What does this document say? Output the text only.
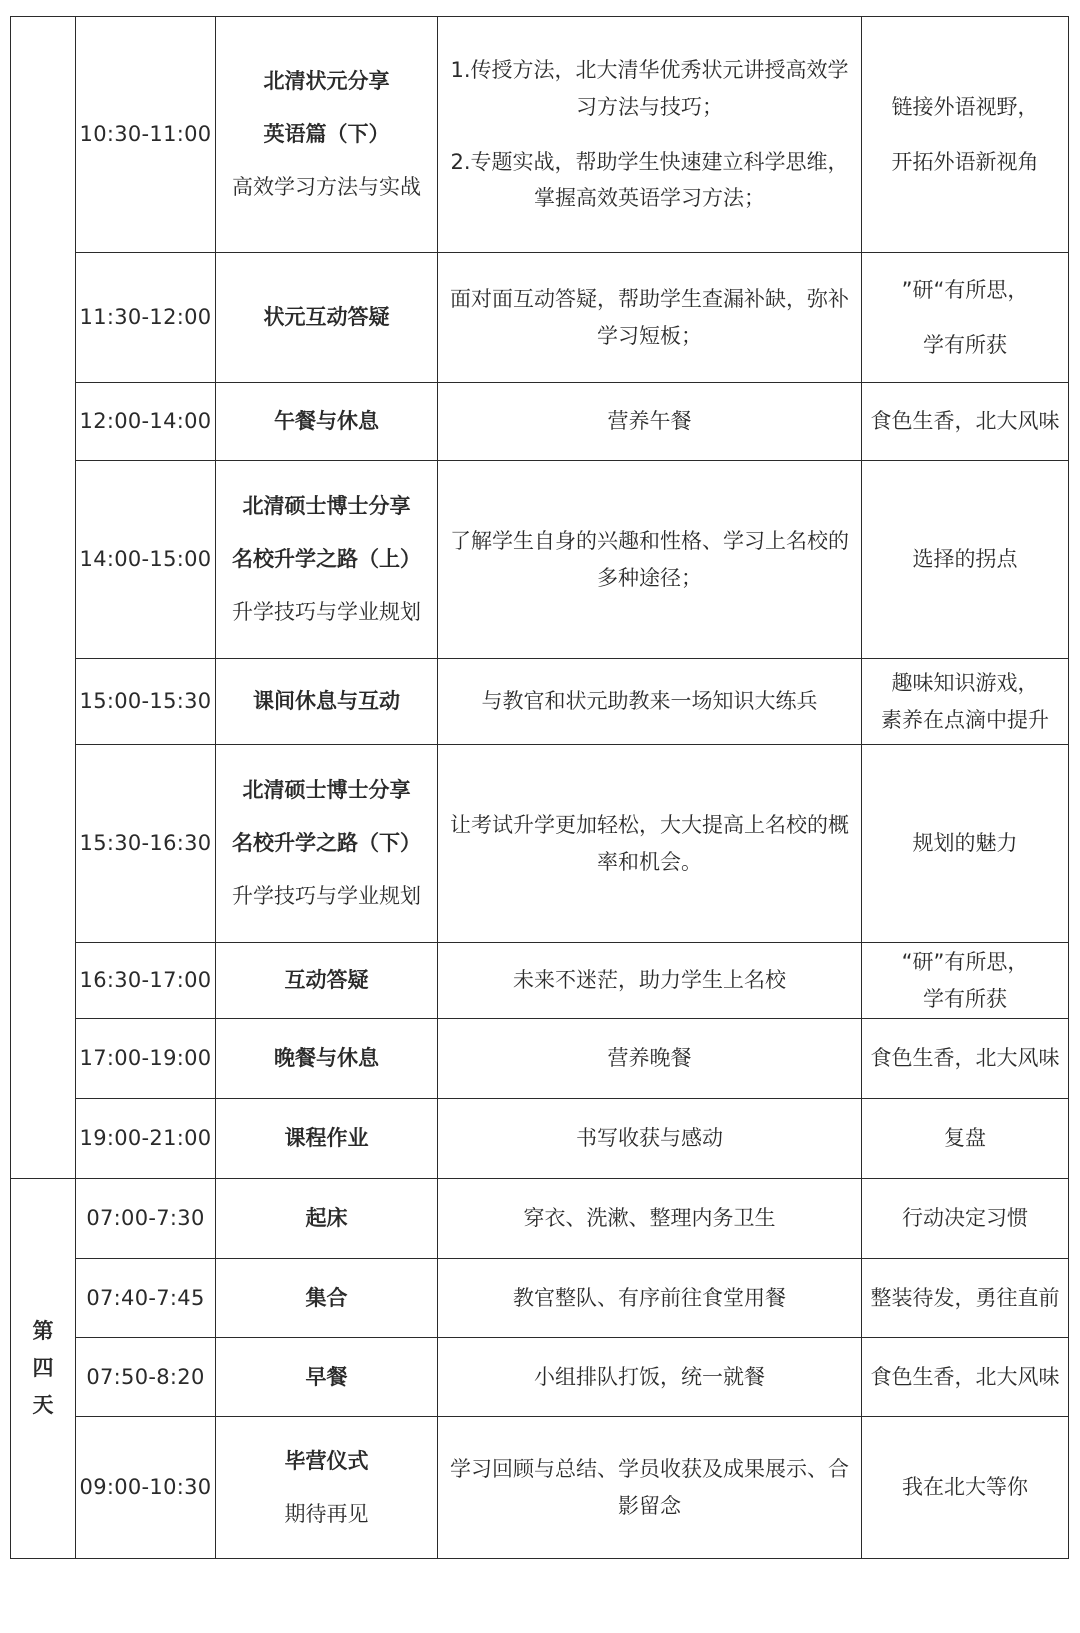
	10:30-11:00	北清状元分享
英语篇（下）
高效学习方法与实战	1.传授方法，北大清华优秀状元讲授高效学
习方法与技巧；
2.专题实战，帮助学生快速建立科学思维，
掌握高效英语学习方法；	链接外语视野，
开拓外语新视角

	11:30-12:00	状元互动答疑	面对面互动答疑，帮助学生查漏补缺，弥补
学习短板；	”研“有所思，
学有所获

	12:00-14:00	午餐与休息	营养午餐	食色生香，北大风味

	14:00-15:00	北清硕士博士分享
名校升学之路（上）
升学技巧与学业规划	了解学生自身的兴趣和性格、学习上名校的
多种途径；	选择的拐点

	15:00-15:30	课间休息与互动	与教官和状元助教来一场知识大练兵	趣味知识游戏，
素养在点滴中提升

	15:30-16:30	北清硕士博士分享
名校升学之路（下）
升学技巧与学业规划	让考试升学更加轻松，大大提高上名校的概
率和机会。	规划的魅力

	16:30-17:00	互动答疑	未来不迷茫，助力学生上名校	“研”有所思，
学有所获

	17:00-19:00	晚餐与休息	营养晚餐	食色生香，北大风味

	19:00-21:00	课程作业	书写收获与感动	复盘

第
四
天	07:00-7:30	起床	穿衣、洗漱、整理内务卫生	行动决定习惯

	07:40-7:45	集合	教官整队、有序前往食堂用餐	整装待发，勇往直前

	07:50-8:20	早餐	小组排队打饭，统一就餐	食色生香，北大风味

	09:00-10:30	毕营仪式
期待再见	学习回顾与总结、学员收获及成果展示、合
影留念	我在北大等你
